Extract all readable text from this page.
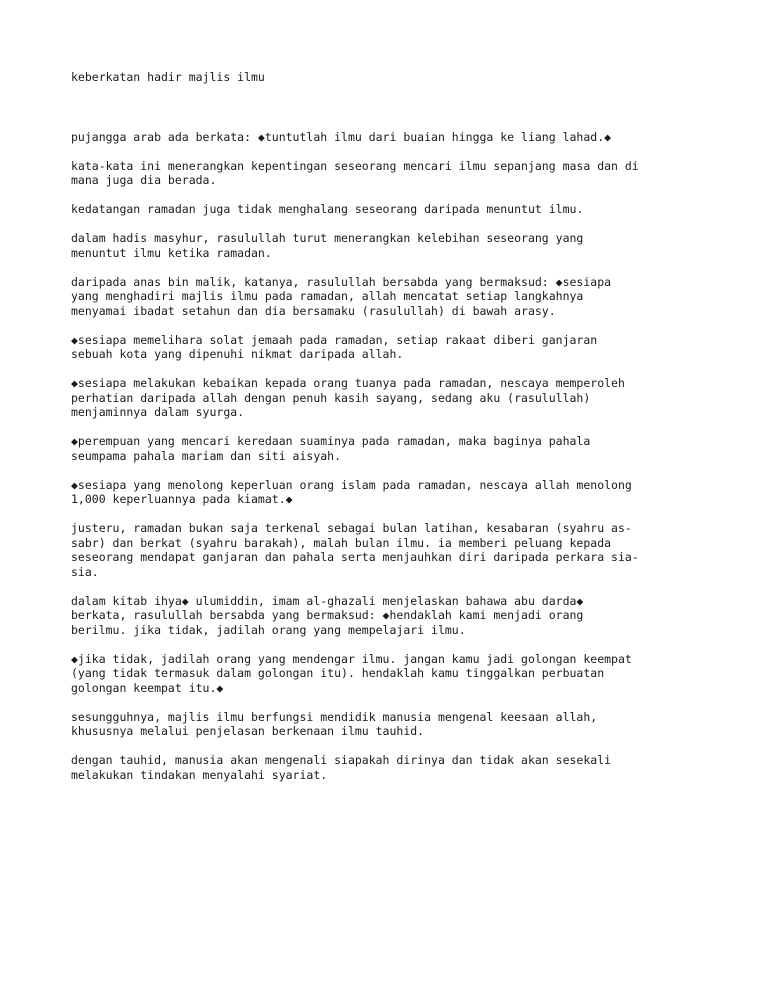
keberkatan hadir majlis ilmu

pujangga arab ada berkata: ◆tuntutlah ilmu dari buaian hingga ke liang lahad.◆

kata-kata ini menerangkan kepentingan seseorang mencari ilmu sepanjang masa dan di
mana juga dia berada.

kedatangan ramadan juga tidak menghalang seseorang daripada menuntut ilmu.

dalam hadis masyhur, rasulullah turut menerangkan kelebihan seseorang yang
menuntut ilmu ketika ramadan.

daripada anas bin malik, katanya, rasulullah bersabda yang bermaksud: ◆sesiapa
yang menghadiri majlis ilmu pada ramadan, allah mencatat setiap langkahnya
menyamai ibadat setahun dan dia bersamaku (rasulullah) di bawah arasy.

◆sesiapa memelihara solat jemaah pada ramadan, setiap rakaat diberi ganjaran
sebuah kota yang dipenuhi nikmat daripada allah.

◆sesiapa melakukan kebaikan kepada orang tuanya pada ramadan, nescaya memperoleh
perhatian daripada allah dengan penuh kasih sayang, sedang aku (rasulullah)
menjaminnya dalam syurga.

◆perempuan yang mencari keredaan suaminya pada ramadan, maka baginya pahala
seumpama pahala mariam dan siti aisyah.

◆sesiapa yang menolong keperluan orang islam pada ramadan, nescaya allah menolong
1,000 keperluannya pada kiamat.◆

justeru, ramadan bukan saja terkenal sebagai bulan latihan, kesabaran (syahru as-
sabr) dan berkat (syahru barakah), malah bulan ilmu. ia memberi peluang kepada
seseorang mendapat ganjaran dan pahala serta menjauhkan diri daripada perkara sia-
sia.

dalam kitab ihya◆ ulumiddin, imam al-ghazali menjelaskan bahawa abu darda◆
berkata, rasulullah bersabda yang bermaksud: ◆hendaklah kami menjadi orang
berilmu. jika tidak, jadilah orang yang mempelajari ilmu.

◆jika tidak, jadilah orang yang mendengar ilmu. jangan kamu jadi golongan keempat
(yang tidak termasuk dalam golongan itu). hendaklah kamu tinggalkan perbuatan
golongan keempat itu.◆

sesungguhnya, majlis ilmu berfungsi mendidik manusia mengenal keesaan allah,
khususnya melalui penjelasan berkenaan ilmu tauhid.

dengan tauhid, manusia akan mengenali siapakah dirinya dan tidak akan sesekali
melakukan tindakan menyalahi syariat.
